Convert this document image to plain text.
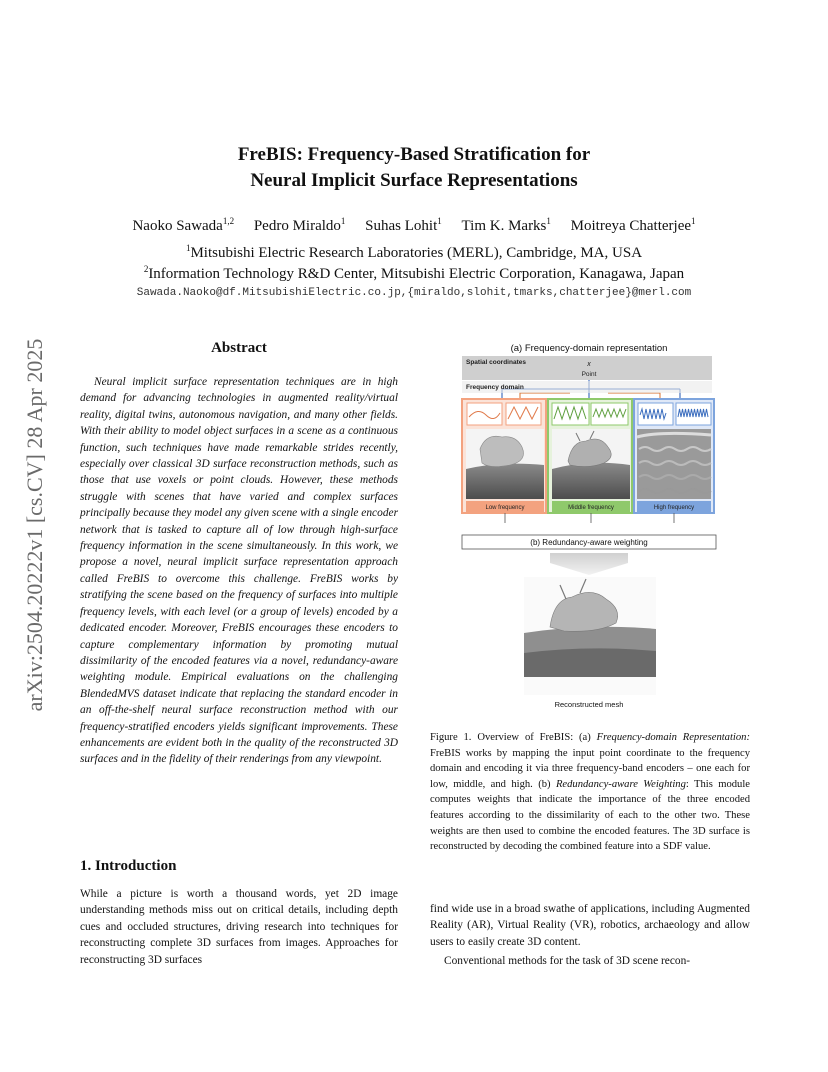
arXiv:2504.20222v1 [cs.CV] 28 Apr 2025
FreBIS: Frequency-Based Stratification for
Neural Implicit Surface Representations
Naoko Sawada$^{1,2}$ Pedro Miraldo$^1$ Suhas Lohit$^1$ Tim K. Marks$^1$ Moitreya Chatterjee$^1$
$^1$Mitsubishi Electric Research Laboratories (MERL), Cambridge, MA, USA
$^2$Information Technology R&D Center, Mitsubishi Electric Corporation, Kanagawa, Japan
Sawada.Naoko@df.MitsubishiElectric.co.jp,{miraldo,slohit,tmarks,chatterjee}@merl.com
Abstract
Neural implicit surface representation techniques are in high demand for advancing technologies in augmented reality/virtual reality, digital twins, autonomous navigation, and many other fields. With their ability to model object surfaces in a scene as a continuous function, such techniques have made remarkable strides recently, especially over classical 3D surface reconstruction methods, such as those that use voxels or point clouds. However, these methods struggle with scenes that have varied and complex surfaces principally because they model any given scene with a single encoder network that is tasked to capture all of low through high-surface frequency information in the scene simultaneously. In this work, we propose a novel, neural implicit surface representation approach called FreBIS to overcome this challenge. FreBIS works by stratifying the scene based on the frequency of surfaces into multiple frequency levels, with each level (or a group of levels) encoded by a dedicated encoder. Moreover, FreBIS encourages these encoders to capture complementary information by promoting mutual dissimilarity of the encoded features via a novel, redundancy-aware weighting module. Empirical evaluations on the challenging BlendedMVS dataset indicate that replacing the standard encoder in an off-the-shelf neural surface reconstruction method with our frequency-stratified encoders yields significant improvements. These enhancements are evident both in the quality of the reconstructed 3D surfaces and in the fidelity of their renderings from any viewpoint.
1. Introduction
While a picture is worth a thousand words, yet 2D image understanding methods miss out on critical details, including depth cues and occluded structures, driving research into techniques for reconstructing complete 3D surfaces from images. Approaches for reconstructing 3D surfaces
(a) Frequency-domain representation
Spatial coordinates	x
Point
Frequency domain
Low frequency	Middle frequency	High frequency
(b) Redundancy-aware weighting
Reconstructed mesh
Figure 1. Overview of FreBIS: (a) Frequency-domain Representation: FreBIS works by mapping the input point coordinate to the frequency domain and encoding it via three frequency-band encoders – one each for low, middle, and high. (b) Redundancy-aware Weighting: This module computes weights that indicate the importance of the three encoded features according to the dissimilarity of each to the other two. These weights are then used to combine the encoded features. The 3D surface is reconstructed by decoding the combined feature into a SDF value.

find wide use in a broad swathe of applications, including Augmented Reality (AR), Virtual Reality (VR), robotics, archaeology and allow users to easily create 3D content.

Conventional methods for the task of 3D scene recon-
